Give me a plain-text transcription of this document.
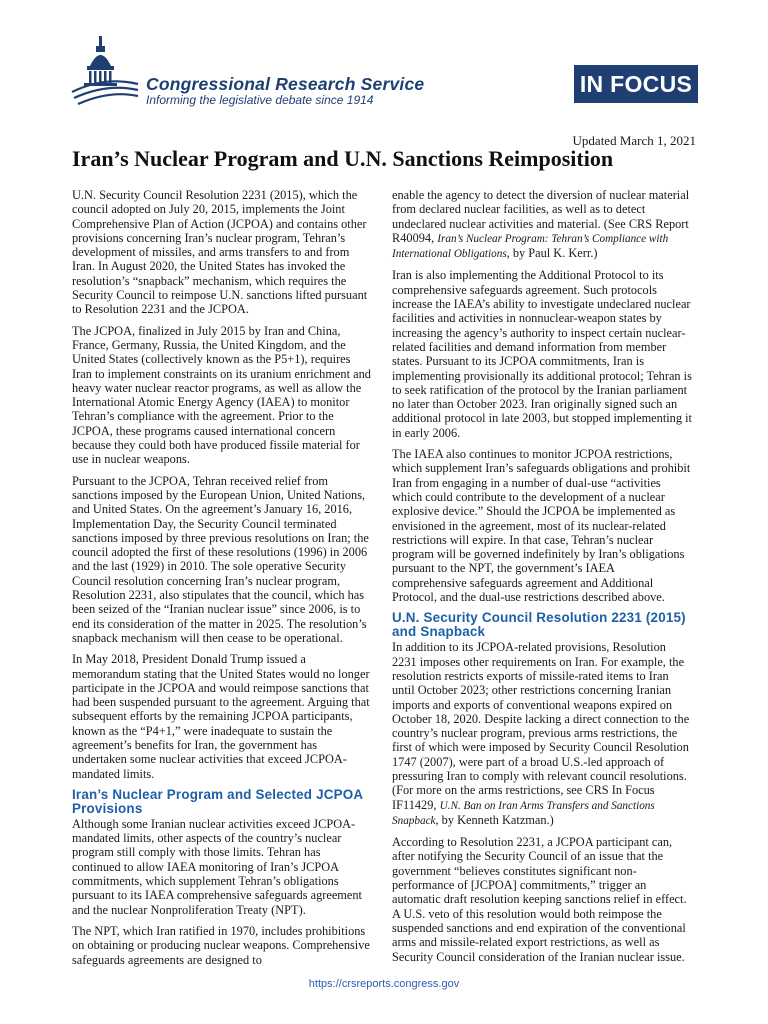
Congressional Research Service
Informing the legislative debate since 1914
IN FOCUS
Updated March 1, 2021
Iran’s Nuclear Program and U.N. Sanctions Reimposition

U.N. Security Council Resolution 2231 (2015), which the council adopted on July 20, 2015, implements the Joint Comprehensive Plan of Action (JCPOA) and contains other provisions concerning Iran’s nuclear program, Tehran’s development of missiles, and arms transfers to and from Iran. In August 2020, the United States has invoked the resolution’s “snapback” mechanism, which requires the Security Council to reimpose U.N. sanctions lifted pursuant to Resolution 2231 and the JCPOA.

The JCPOA, finalized in July 2015 by Iran and China, France, Germany, Russia, the United Kingdom, and the United States (collectively known as the P5+1), requires Iran to implement constraints on its uranium enrichment and heavy water nuclear reactor programs, as well as allow the International Atomic Energy Agency (IAEA) to monitor Tehran’s compliance with the agreement. Prior to the JCPOA, these programs caused international concern because they could both have produced fissile material for use in nuclear weapons.

Pursuant to the JCPOA, Tehran received relief from sanctions imposed by the European Union, United Nations, and United States. On the agreement’s January 16, 2016, Implementation Day, the Security Council terminated sanctions imposed by three previous resolutions on Iran; the council adopted the first of these resolutions (1996) in 2006 and the last (1929) in 2010. The sole operative Security Council resolution concerning Iran’s nuclear program, Resolution 2231, also stipulates that the council, which has been seized of the “Iranian nuclear issue” since 2006, is to end its consideration of the matter in 2025. The resolution’s snapback mechanism will then cease to be operational.

In May 2018, President Donald Trump issued a memorandum stating that the United States would no longer participate in the JCPOA and would reimpose sanctions that had been suspended pursuant to the agreement. Arguing that subsequent efforts by the remaining JCPOA participants, known as the “P4+1,” were inadequate to sustain the agreement’s benefits for Iran, the government has undertaken some nuclear activities that exceed JCPOA-mandated limits.

Iran’s Nuclear Program and Selected JCPOA Provisions

Although some Iranian nuclear activities exceed JCPOA-mandated limits, other aspects of the country’s nuclear program still comply with those limits. Tehran has continued to allow IAEA monitoring of Iran’s JCPOA commitments, which supplement Tehran’s obligations pursuant to its IAEA comprehensive safeguards agreement and the nuclear Nonproliferation Treaty (NPT).

The NPT, which Iran ratified in 1970, includes prohibitions on obtaining or producing nuclear weapons. Comprehensive safeguards agreements are designed to

enable the agency to detect the diversion of nuclear material from declared nuclear facilities, as well as to detect undeclared nuclear activities and material. (See CRS Report R40094, Iran’s Nuclear Program: Tehran’s Compliance with International Obligations, by Paul K. Kerr.)

Iran is also implementing the Additional Protocol to its comprehensive safeguards agreement. Such protocols increase the IAEA’s ability to investigate undeclared nuclear facilities and activities in nonnuclear-weapon states by increasing the agency’s authority to inspect certain nuclear-related facilities and demand information from member states. Pursuant to its JCPOA commitments, Iran is implementing provisionally its additional protocol; Tehran is to seek ratification of the protocol by the Iranian parliament no later than October 2023. Iran originally signed such an additional protocol in late 2003, but stopped implementing it in early 2006.

The IAEA also continues to monitor JCPOA restrictions, which supplement Iran’s safeguards obligations and prohibit Iran from engaging in a number of dual-use “activities which could contribute to the development of a nuclear explosive device.” Should the JCPOA be implemented as envisioned in the agreement, most of its nuclear-related restrictions will expire. In that case, Tehran’s nuclear program will be governed indefinitely by Iran’s obligations pursuant to the NPT, the government’s IAEA comprehensive safeguards agreement and Additional Protocol, and the dual-use restrictions described above.

U.N. Security Council Resolution 2231 (2015) and Snapback

In addition to its JCPOA-related provisions, Resolution 2231 imposes other requirements on Iran. For example, the resolution restricts exports of missile-rated items to Iran until October 2023; other restrictions concerning Iranian imports and exports of conventional weapons expired on October 18, 2020. Despite lacking a direct connection to the country’s nuclear program, previous arms restrictions, the first of which were imposed by Security Council Resolution 1747 (2007), were part of a broad U.S.-led approach of pressuring Iran to comply with relevant council resolutions. (For more on the arms restrictions, see CRS In Focus IF11429, U.N. Ban on Iran Arms Transfers and Sanctions Snapback, by Kenneth Katzman.)

According to Resolution 2231, a JCPOA participant can, after notifying the Security Council of an issue that the government “believes constitutes significant non-performance of [JCPOA] commitments,” trigger an automatic draft resolution keeping sanctions relief in effect. A U.S. veto of this resolution would both reimpose the suspended sanctions and end expiration of the conventional arms and missile-related export restrictions, as well as Security Council consideration of the Iranian nuclear issue.

https://crsreports.congress.gov
